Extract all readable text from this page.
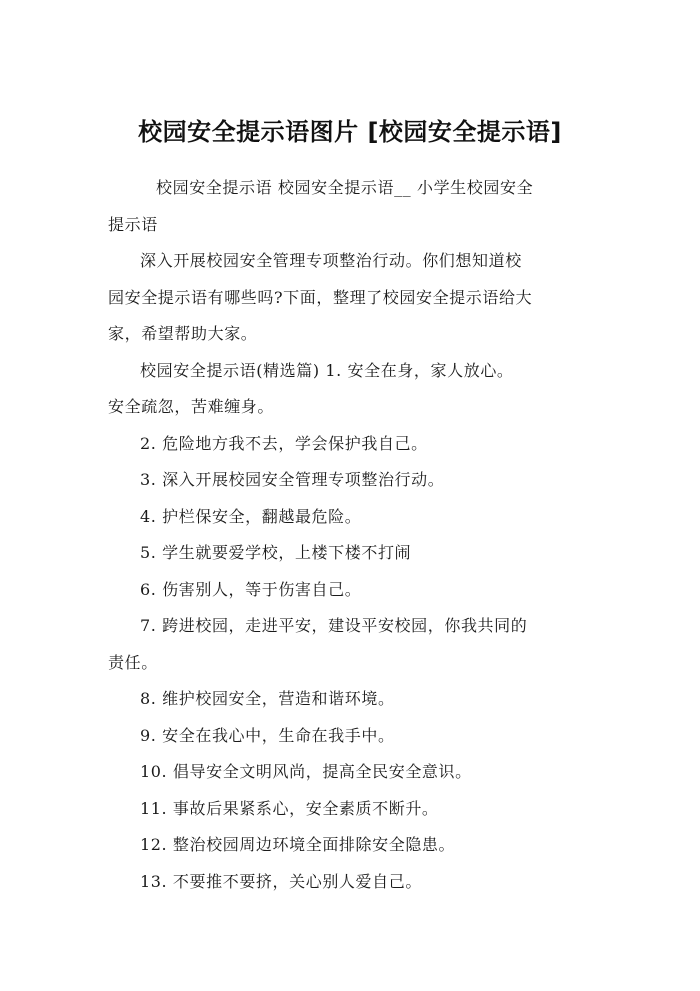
校园安全提示语图片 [校园安全提示语]
校园安全提示语 校园安全提示语__ 小学生校园安全
提示语
深入开展校园安全管理专项整治行动。你们想知道校
园安全提示语有哪些吗?下面，整理了校园安全提示语给大
家，希望帮助大家。
校园安全提示语(精选篇) 1. 安全在身，家人放心。
安全疏忽，苦难缠身。
2. 危险地方我不去，学会保护我自己。
3. 深入开展校园安全管理专项整治行动。
4. 护栏保安全，翻越最危险。
5. 学生就要爱学校，上楼下楼不打闹
6. 伤害别人，等于伤害自己。
7. 跨进校园，走进平安，建设平安校园，你我共同的
责任。
8. 维护校园安全，营造和谐环境。
9. 安全在我心中，生命在我手中。
10. 倡导安全文明风尚，提高全民安全意识。
11. 事故后果紧系心，安全素质不断升。
12. 整治校园周边环境全面排除安全隐患。
13. 不要推不要挤，关心别人爱自己。
